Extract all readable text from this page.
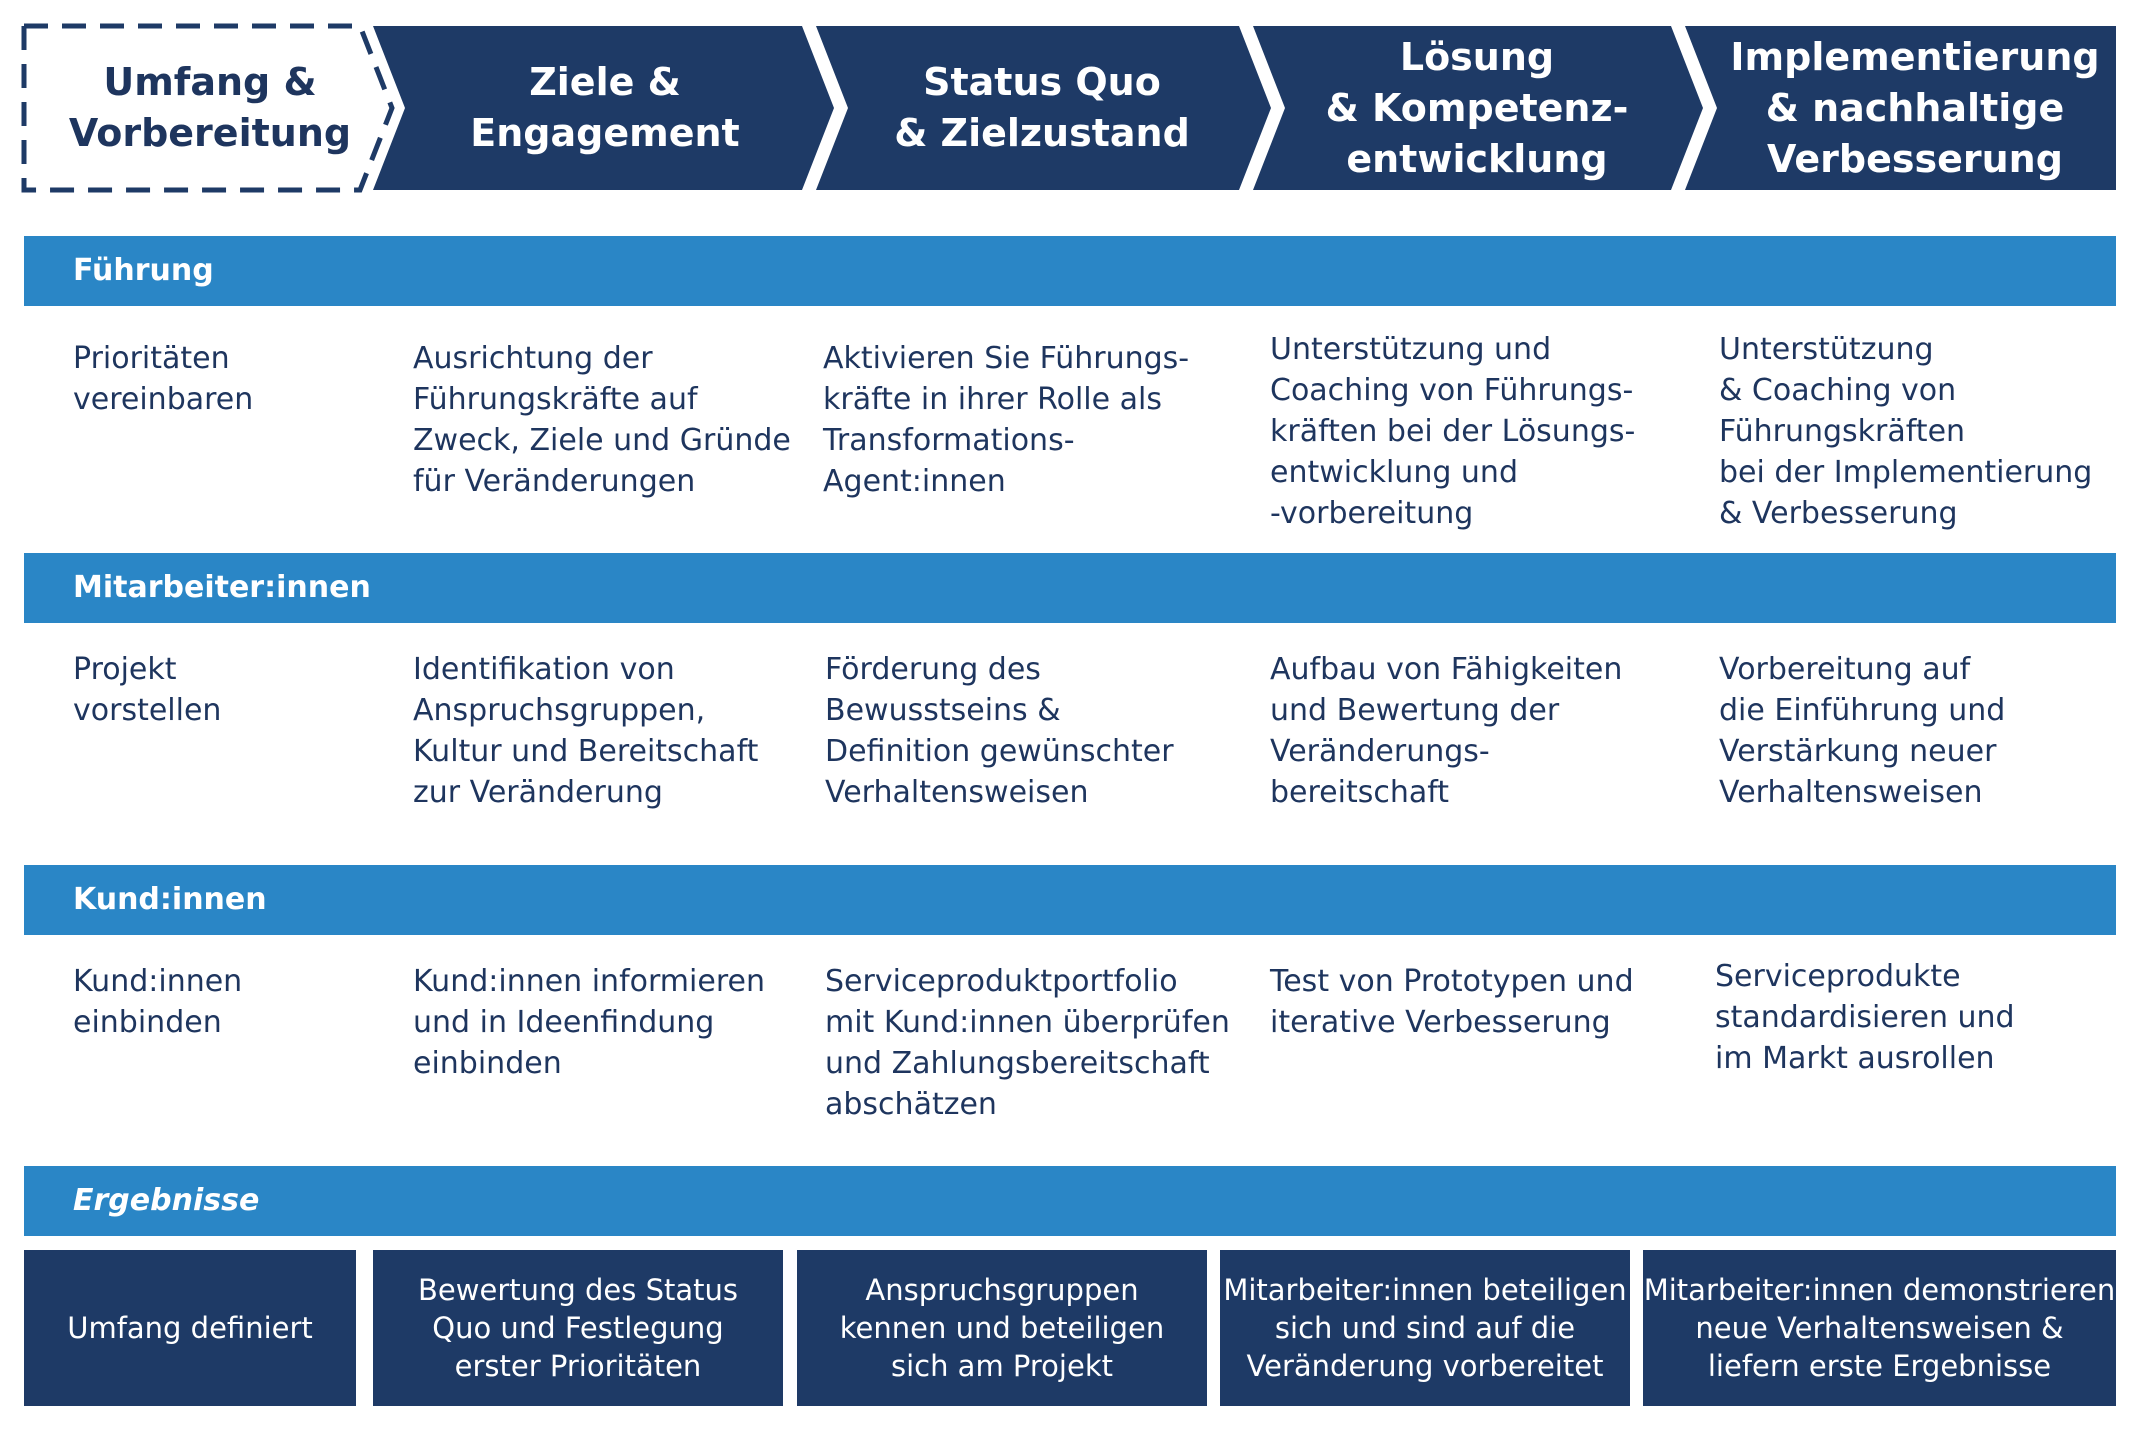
Umfang &
Vorbereitung
Ziele &
Engagement
Status Quo
& Zielzustand
Lösung
& Kompetenz-
entwicklung
Implementierung
& nachhaltige
Verbesserung
Führung
Prioritäten
vereinbaren
Ausrichtung der
Führungskräfte auf
Zweck, Ziele und Gründe
für Veränderungen
Aktivieren Sie Führungs-
kräfte in ihrer Rolle als
Transformations-
Agent:innen
Unterstützung und
Coaching von Führungs-
kräften bei der Lösungs-
entwicklung und
-vorbereitung
Unterstützung
& Coaching von
Führungskräften
bei der Implementierung
& Verbesserung
Mitarbeiter:innen
Projekt
vorstellen
Identifikation von
Anspruchsgruppen,
Kultur und Bereitschaft
zur Veränderung
Förderung des
Bewusstseins &
Definition gewünschter
Verhaltensweisen
Aufbau von Fähigkeiten
und Bewertung der
Veränderungs-
bereitschaft
Vorbereitung auf
die Einführung und
Verstärkung neuer
Verhaltensweisen
Kund:innen
Kund:innen
einbinden
Kund:innen informieren
und in Ideenfindung
einbinden
Serviceproduktportfolio
mit Kund:innen überprüfen
und Zahlungsbereitschaft
abschätzen
Test von Prototypen und
iterative Verbesserung
Serviceprodukte
standardisieren und
im Markt ausrollen
Ergebnisse
Umfang definiert
Bewertung des Status
Quo und Festlegung
erster Prioritäten
Anspruchsgruppen
kennen und beteiligen
sich am Projekt
Mitarbeiter:innen beteiligen
sich und sind auf die
Veränderung vorbereitet
Mitarbeiter:innen demonstrieren
neue Verhaltensweisen &
liefern erste Ergebnisse
